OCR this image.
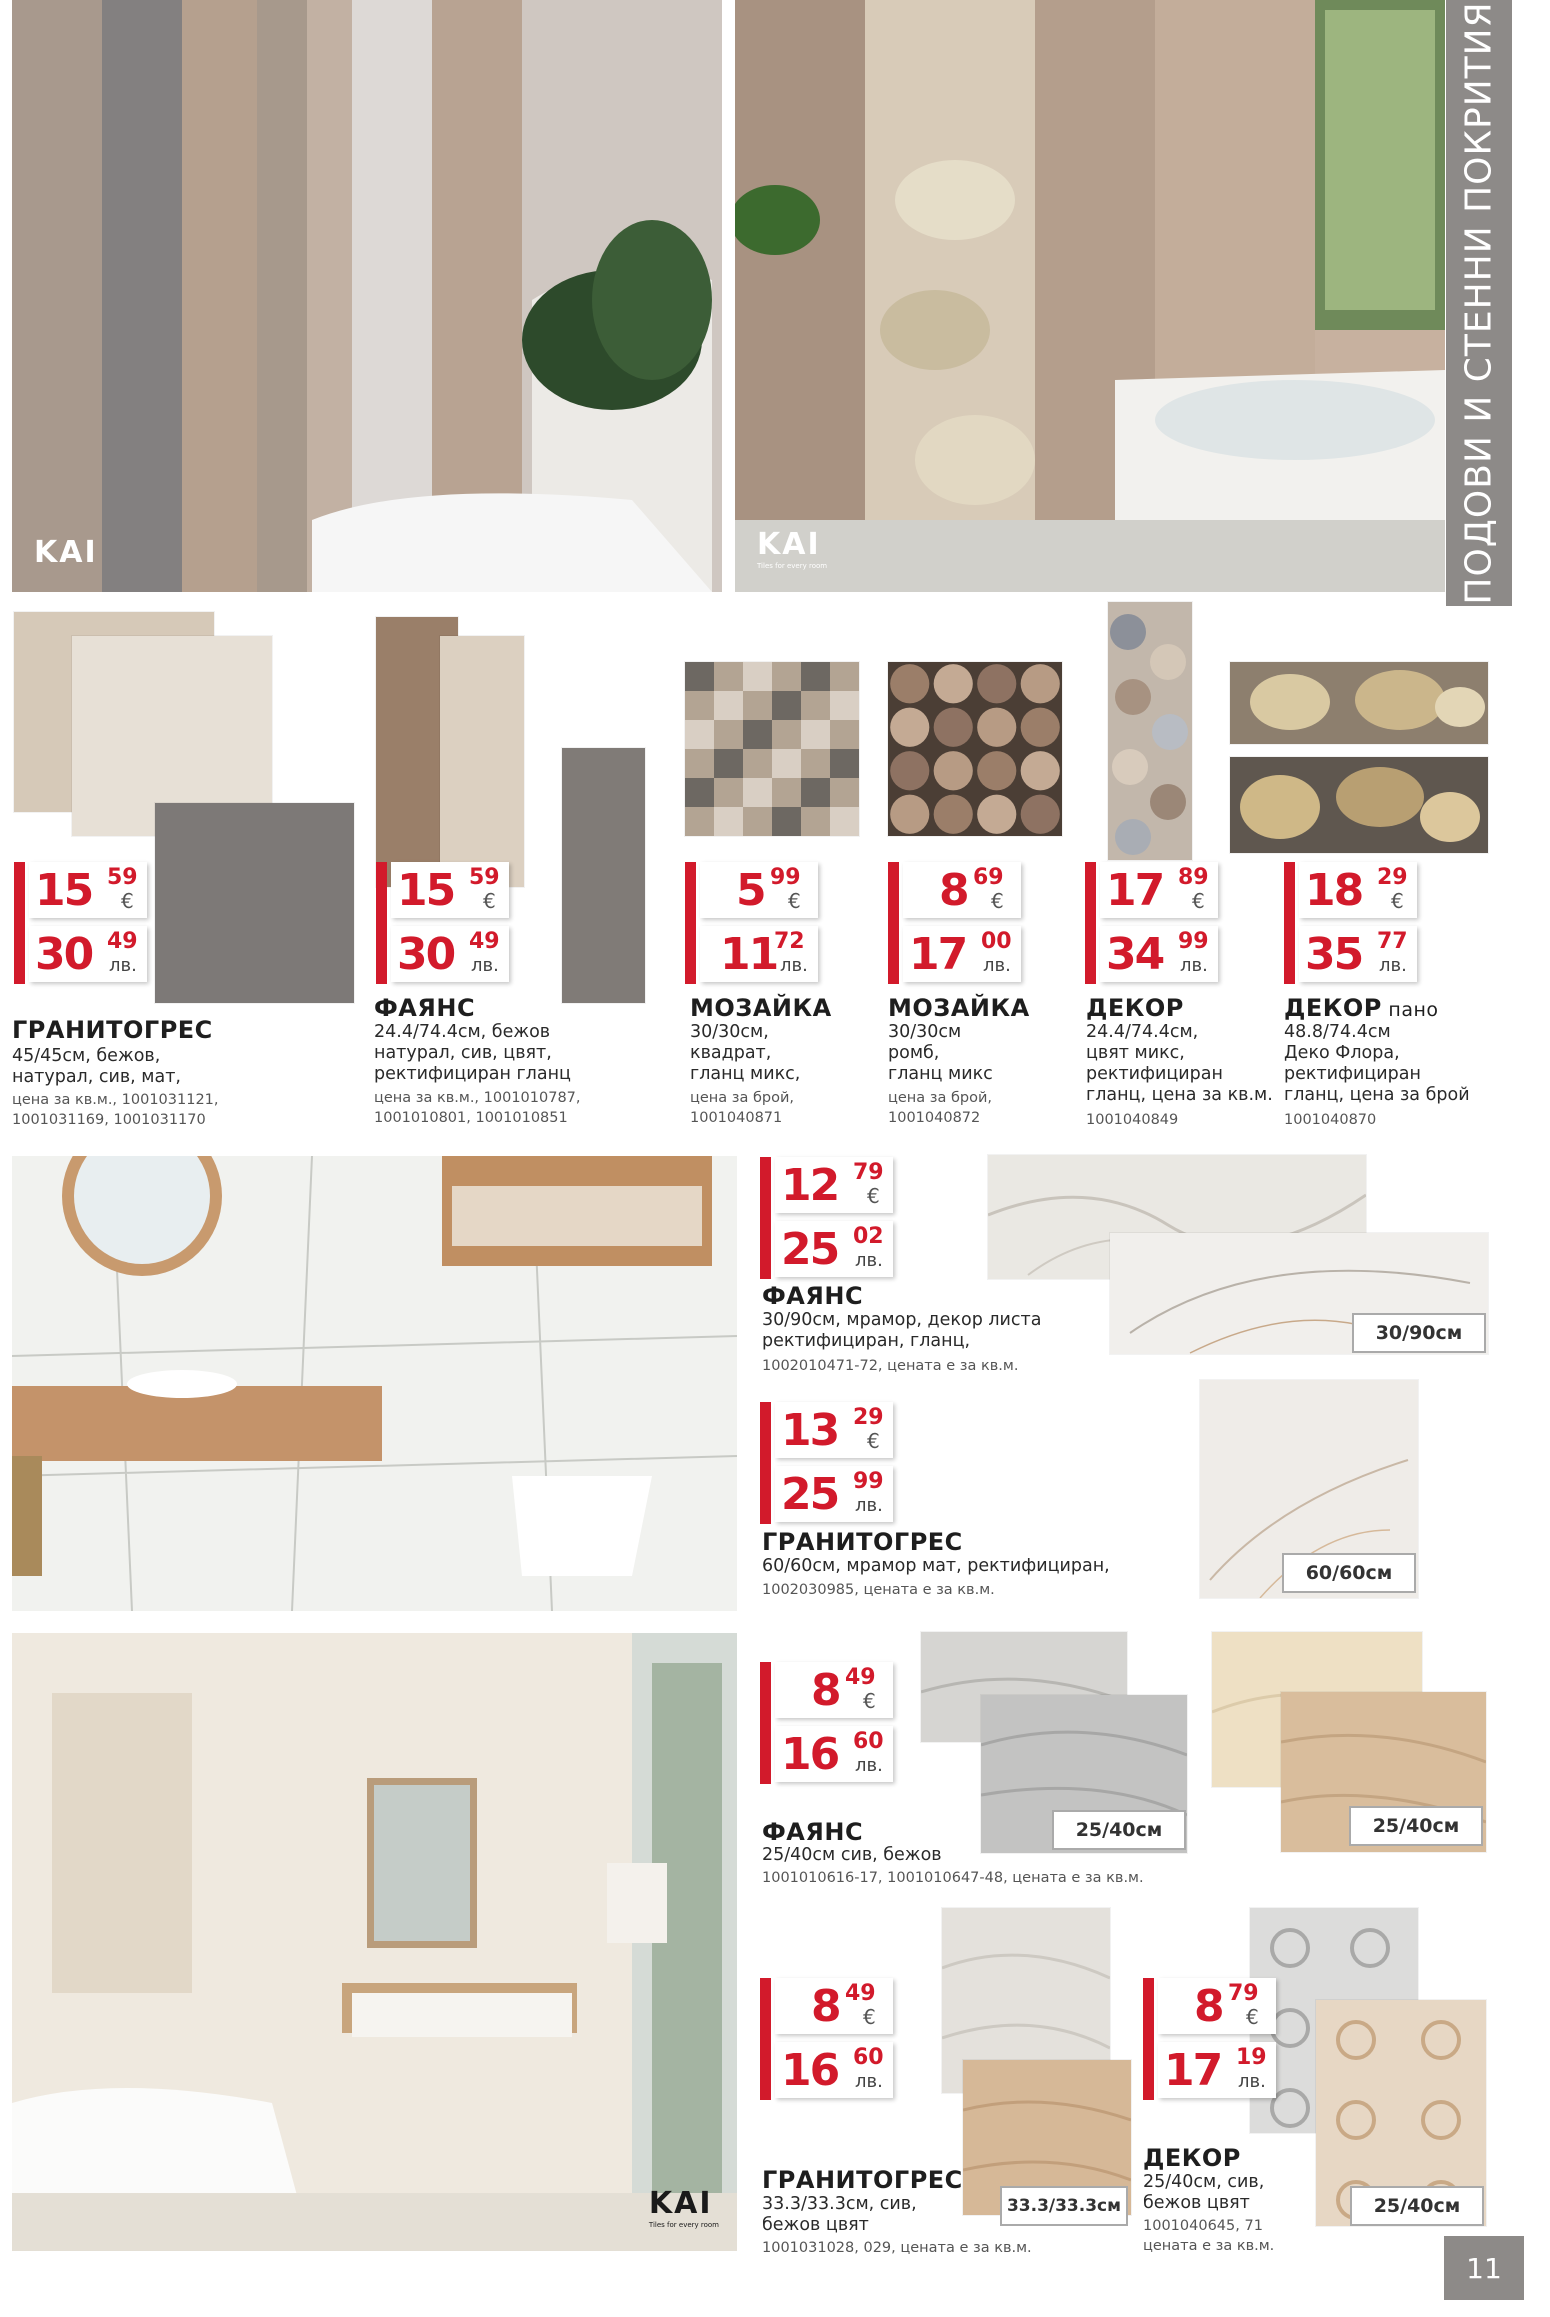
KAI	KAI
Tiles for every room	ПОДОВИ И СТЕННИ ПОКРИТИЯ
15 59
€
30 49
лв.
15 59
€
30 49
лв.
5 99
€
11
72
лв.
8 69
€
17 00
лв.
17 89
€
34 99
лв.
18 29
€
35 77
лв.
ГРАНИТОГРЕС
45/45см, бежов,
натурал, сив, мат,
цена за кв.м., 1001031121,
1001031169, 1001031170
ФАЯНС
24.4/74.4см, бежов
натурал, сив, цвят,
ректифициран гланц
цена за кв.м., 1001010787,
1001010801, 1001010851
МОЗАЙКА
30/30см,
квадрат,
гланц микс,
цена за брой,
1001040871
МОЗАЙКА
30/30см
ромб,
гланц микс
цена за брой,
1001040872
ДЕКОР
24.4/74.4см,
цвят микс,
ректифициран
гланц, цена за кв.м.
1001040849
ДЕКОР пано
48.8/74.4см
Деко Флора,
ректифициран
гланц, цена за брой
1001040870
30/90см
12 79
€
25 02
лв.
ФАЯНС
30/90см, мрамор, декор листа
ректифициран, гланц,
1002010471-72, цената е за кв.м.
60/60см
13 29
€
25 99
лв.
ГРАНИТОГРЕС
60/60см, мрамор мат, ректифициран,
1002030985, цената е за кв.м.
KAI
Tiles for every room
25/40см	25/40см
8 49
€
16 60
лв.
ФАЯНС
25/40см сив, бежов
1001010616-17, 1001010647-48, цената е за кв.м.
33.3/33.3см
8 49
€
16 60
лв.
ГРАНИТОГРЕС
33.3/33.3см, сив,
бежов цвят
1001031028, 029, цената е за кв.м.
25/40см
8 79
€
17 19
лв.
ДЕКОР
25/40см, сив,
бежов цвят
1001040645, 71
цената е за кв.м.
11
